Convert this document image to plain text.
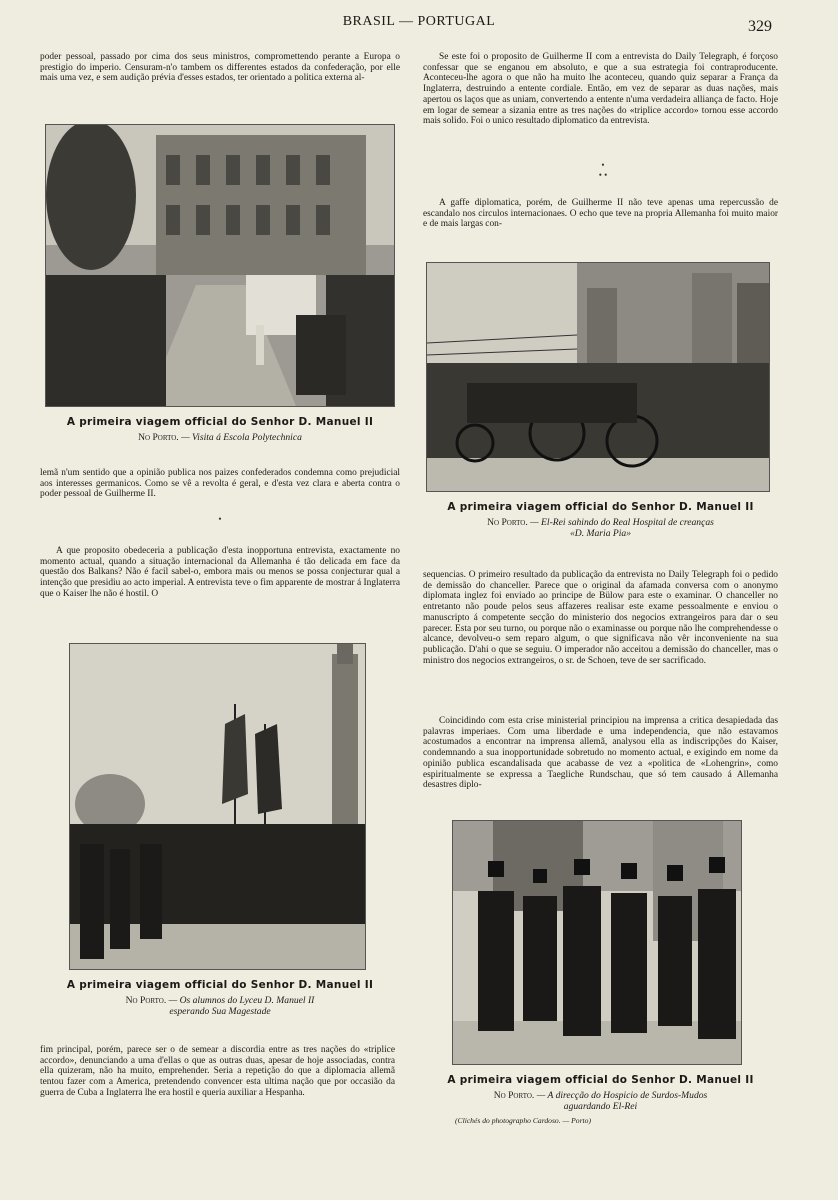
BRASIL — PORTUGAL	329

poder pessoal, passado por cima dos seus ministros, compromettendo perante a Europa o prestigio do imperio. Censuram-n'o tambem os differentes estados da confederação, por elle mais uma vez, e sem audição prévia d'esses estados, ter orientado a politica externa al-

A primeira viagem official do Senhor D. Manuel II
No Porto. — Visita á Escola Polytechnica

lemã n'um sentido que a opinião publica nos paizes confederados condemna como prejudicial aos interesses germanicos. Como se vê a revolta é geral, e d'esta vez clara e aberta contra o poder pessoal de Guilherme II.

•

A que proposito obedeceria a publicação d'esta inopportuna entrevista, exactamente no momento actual, quando a situação internacional da Allemanha é tão delicada em face da questão dos Balkans? Não é facil sabel-o, embora mais ou menos se possa conjecturar qual a intenção que presidiu ao acto imperial. A entrevista teve o fim apparente de mostrar á Inglaterra que o Kaiser lhe não é hostil. O

A primeira viagem official do Senhor D. Manuel II
No Porto. — Os alumnos do Lyceu D. Manuel II
esperando Sua Magestade

fim principal, porém, parece ser o de semear a discordia entre as tres nações do «triplice accordo», denunciando a uma d'ellas o que as outras duas, apesar de hoje associadas, contra ella quizeram, não ha muito, emprehender. Seria a repetição do que a diplomacia allemã tentou fazer com a America, pretendendo convencer esta ultima nação que por occasião da guerra de Cuba a Inglaterra lhe era hostil e queria auxiliar a Hespanha.

Se este foi o proposito de Guilherme II com a entrevista do Daily Telegraph, é forçoso confessar que se enganou em absoluto, e que a sua estrategia foi contraproducente. Aconteceu-lhe agora o que não ha muito lhe aconteceu, quando quiz separar a França da Inglaterra, destruindo a entente cordiale. Então, em vez de separar as duas nações, mais apertou os laços que as uniam, convertendo a entente n'uma verdadeira alliança de facto. Hoje em logar de semear a sizania entre as tres nações do «triplice accordo» tornou esse accordo mais solido. Foi o unico resultado diplomatico da entrevista.

•
• •

A gaffe diplomatica, porém, de Guilherme II não teve apenas uma repercussão de escandalo nos circulos internacionaes. O echo que teve na propria Allemanha foi muito maior e de mais largas con-

A primeira viagem official do Senhor D. Manuel II
No Porto. — El-Rei sahindo do Real Hospital de creanças
«D. Maria Pia»

sequencias. O primeiro resultado da publicação da entrevista no Daily Telegraph foi o pedido de demissão do chanceller. Parece que o original da afamada conversa com o anonymo diplomata inglez foi enviado ao principe de Bülow para este o examinar. O chanceller no entretanto não poude pelos seus affazeres realisar este exame pessoalmente e enviou o manuscripto á competente secção do ministerio dos negocios extrangeiros para dar o seu parecer. Esta por seu turno, ou porque não o examinasse ou porque não lhe comprehendesse o alcance, devolveu-o sem reparo algum, o que significava não vêr inconveniente na sua publicação. D'ahi o que se seguiu. O imperador não acceitou a demissão do chanceller, mas o ministro dos negocios extrangeiros, o sr. de Schoen, teve de ser sacrificado.

Coincidindo com esta crise ministerial principiou na imprensa a critica desapiedada das palavras imperiaes. Com uma liberdade e uma independencia, que não estavamos acostumados a encontrar na imprensa allemã, analysou ella as indiscripções do Kaiser, condemnando a sua inopportunidade sobretudo no momento actual, e exigindo em nome da opinião publica escandalisada que acabasse de vez a «politica de «Lohengrin», como espiritualmente se expressa a Taegliche Rundschau, que só tem causado á Allemanha desastres diplo-

A primeira viagem official do Senhor D. Manuel II
No Porto. — A direcção do Hospicio de Surdos-Mudos
aguardando El-Rei
(Clichés do photographo Cardoso. — Porto)
